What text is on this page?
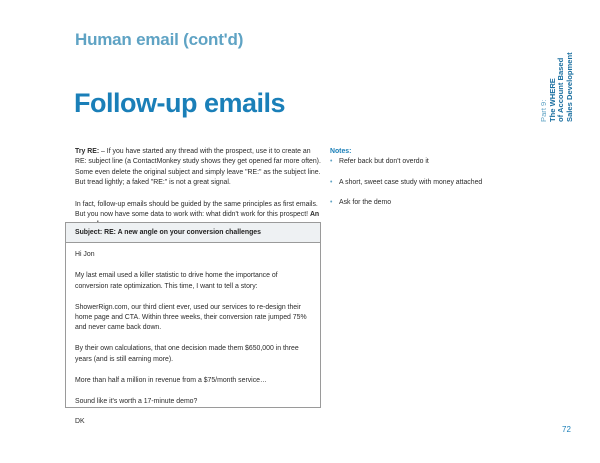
Human email (cont'd)
Follow-up emails	Part 9: The WHERE of Account Based Sales Development

Try RE: – If you have started any thread with the prospect, use it to create an RE: subject line (a ContactMonkey study shows they get opened far more often). Some even delete the original subject and simply leave "RE:" as the subject line. But tread lightly; a faked "RE:" is not a great signal.

In fact, follow-up emails should be guided by the same principles as first emails. But you now have some data to work with: what didn't work for this prospect! An

Notes:
• Refer back but don't overdo it
• A short, sweet case study with money attached
• Ask for the demo
Subject: RE: A new angle on your conversion challenges

Hi Jon

My last email used a killer statistic to drive home the importance of conversion rate optimization. This time, I want to tell a story:

ShowerRign.com, our third client ever, used our services to re-design their home page and CTA. Within three weeks, their conversion rate jumped 75% and never came back down.

By their own calculations, that one decision made them $650,000 in three years (and is still earning more).

More than half a million in revenue from a $75/month service…

Sound like it's worth a 17-minute demo?

DK

72
